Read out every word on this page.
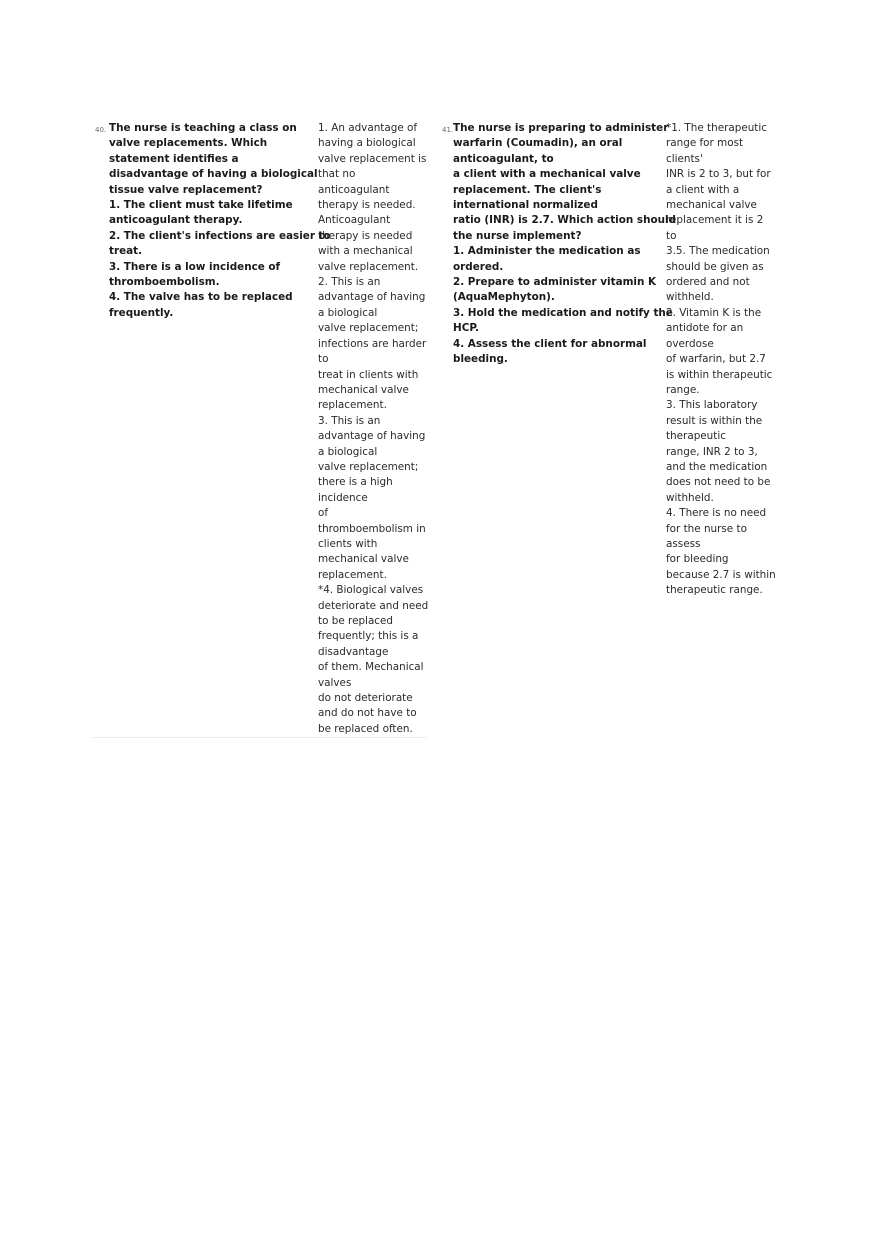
40. The nurse is teaching a class on
valve replacements. Which
statement identifies a
disadvantage of having a biological
tissue valve replacement?
1. The client must take lifetime
anticoagulant therapy.
2. The client's infections are easier to
treat.
3. There is a low incidence of
thromboembolism.
4. The valve has to be replaced
frequently.
1. An advantage of
having a biological
valve replacement is
that no
anticoagulant
therapy is needed.
Anticoagulant
therapy is needed
with a mechanical
valve replacement.
2. This is an
advantage of having
a biological
valve replacement;
infections are harder
to
treat in clients with
mechanical valve
replacement.
3. This is an
advantage of having
a biological
valve replacement;
there is a high
incidence
of
thromboembolism in
clients with
mechanical valve
replacement.
*4. Biological valves
deteriorate and need
to be replaced
frequently; this is a
disadvantage
of them. Mechanical
valves
do not deteriorate
and do not have to
be replaced often.
41. The nurse is preparing to administer
warfarin (Coumadin), an oral
anticoagulant, to
a client with a mechanical valve
replacement. The client's
international normalized
ratio (INR) is 2.7. Which action should
the nurse implement?
1. Administer the medication as
ordered.
2. Prepare to administer vitamin K
(AquaMephyton).
3. Hold the medication and notify the
HCP.
4. Assess the client for abnormal
bleeding.
*1. The therapeutic
range for most
clients'
INR is 2 to 3, but for
a client with a
mechanical valve
replacement it is 2
to
3.5. The medication
should be given as
ordered and not
withheld.
2. Vitamin K is the
antidote for an
overdose
of warfarin, but 2.7
is within therapeutic
range.
3. This laboratory
result is within the
therapeutic
range, INR 2 to 3,
and the medication
does not need to be
withheld.
4. There is no need
for the nurse to
assess
for bleeding
because 2.7 is within
therapeutic range.
